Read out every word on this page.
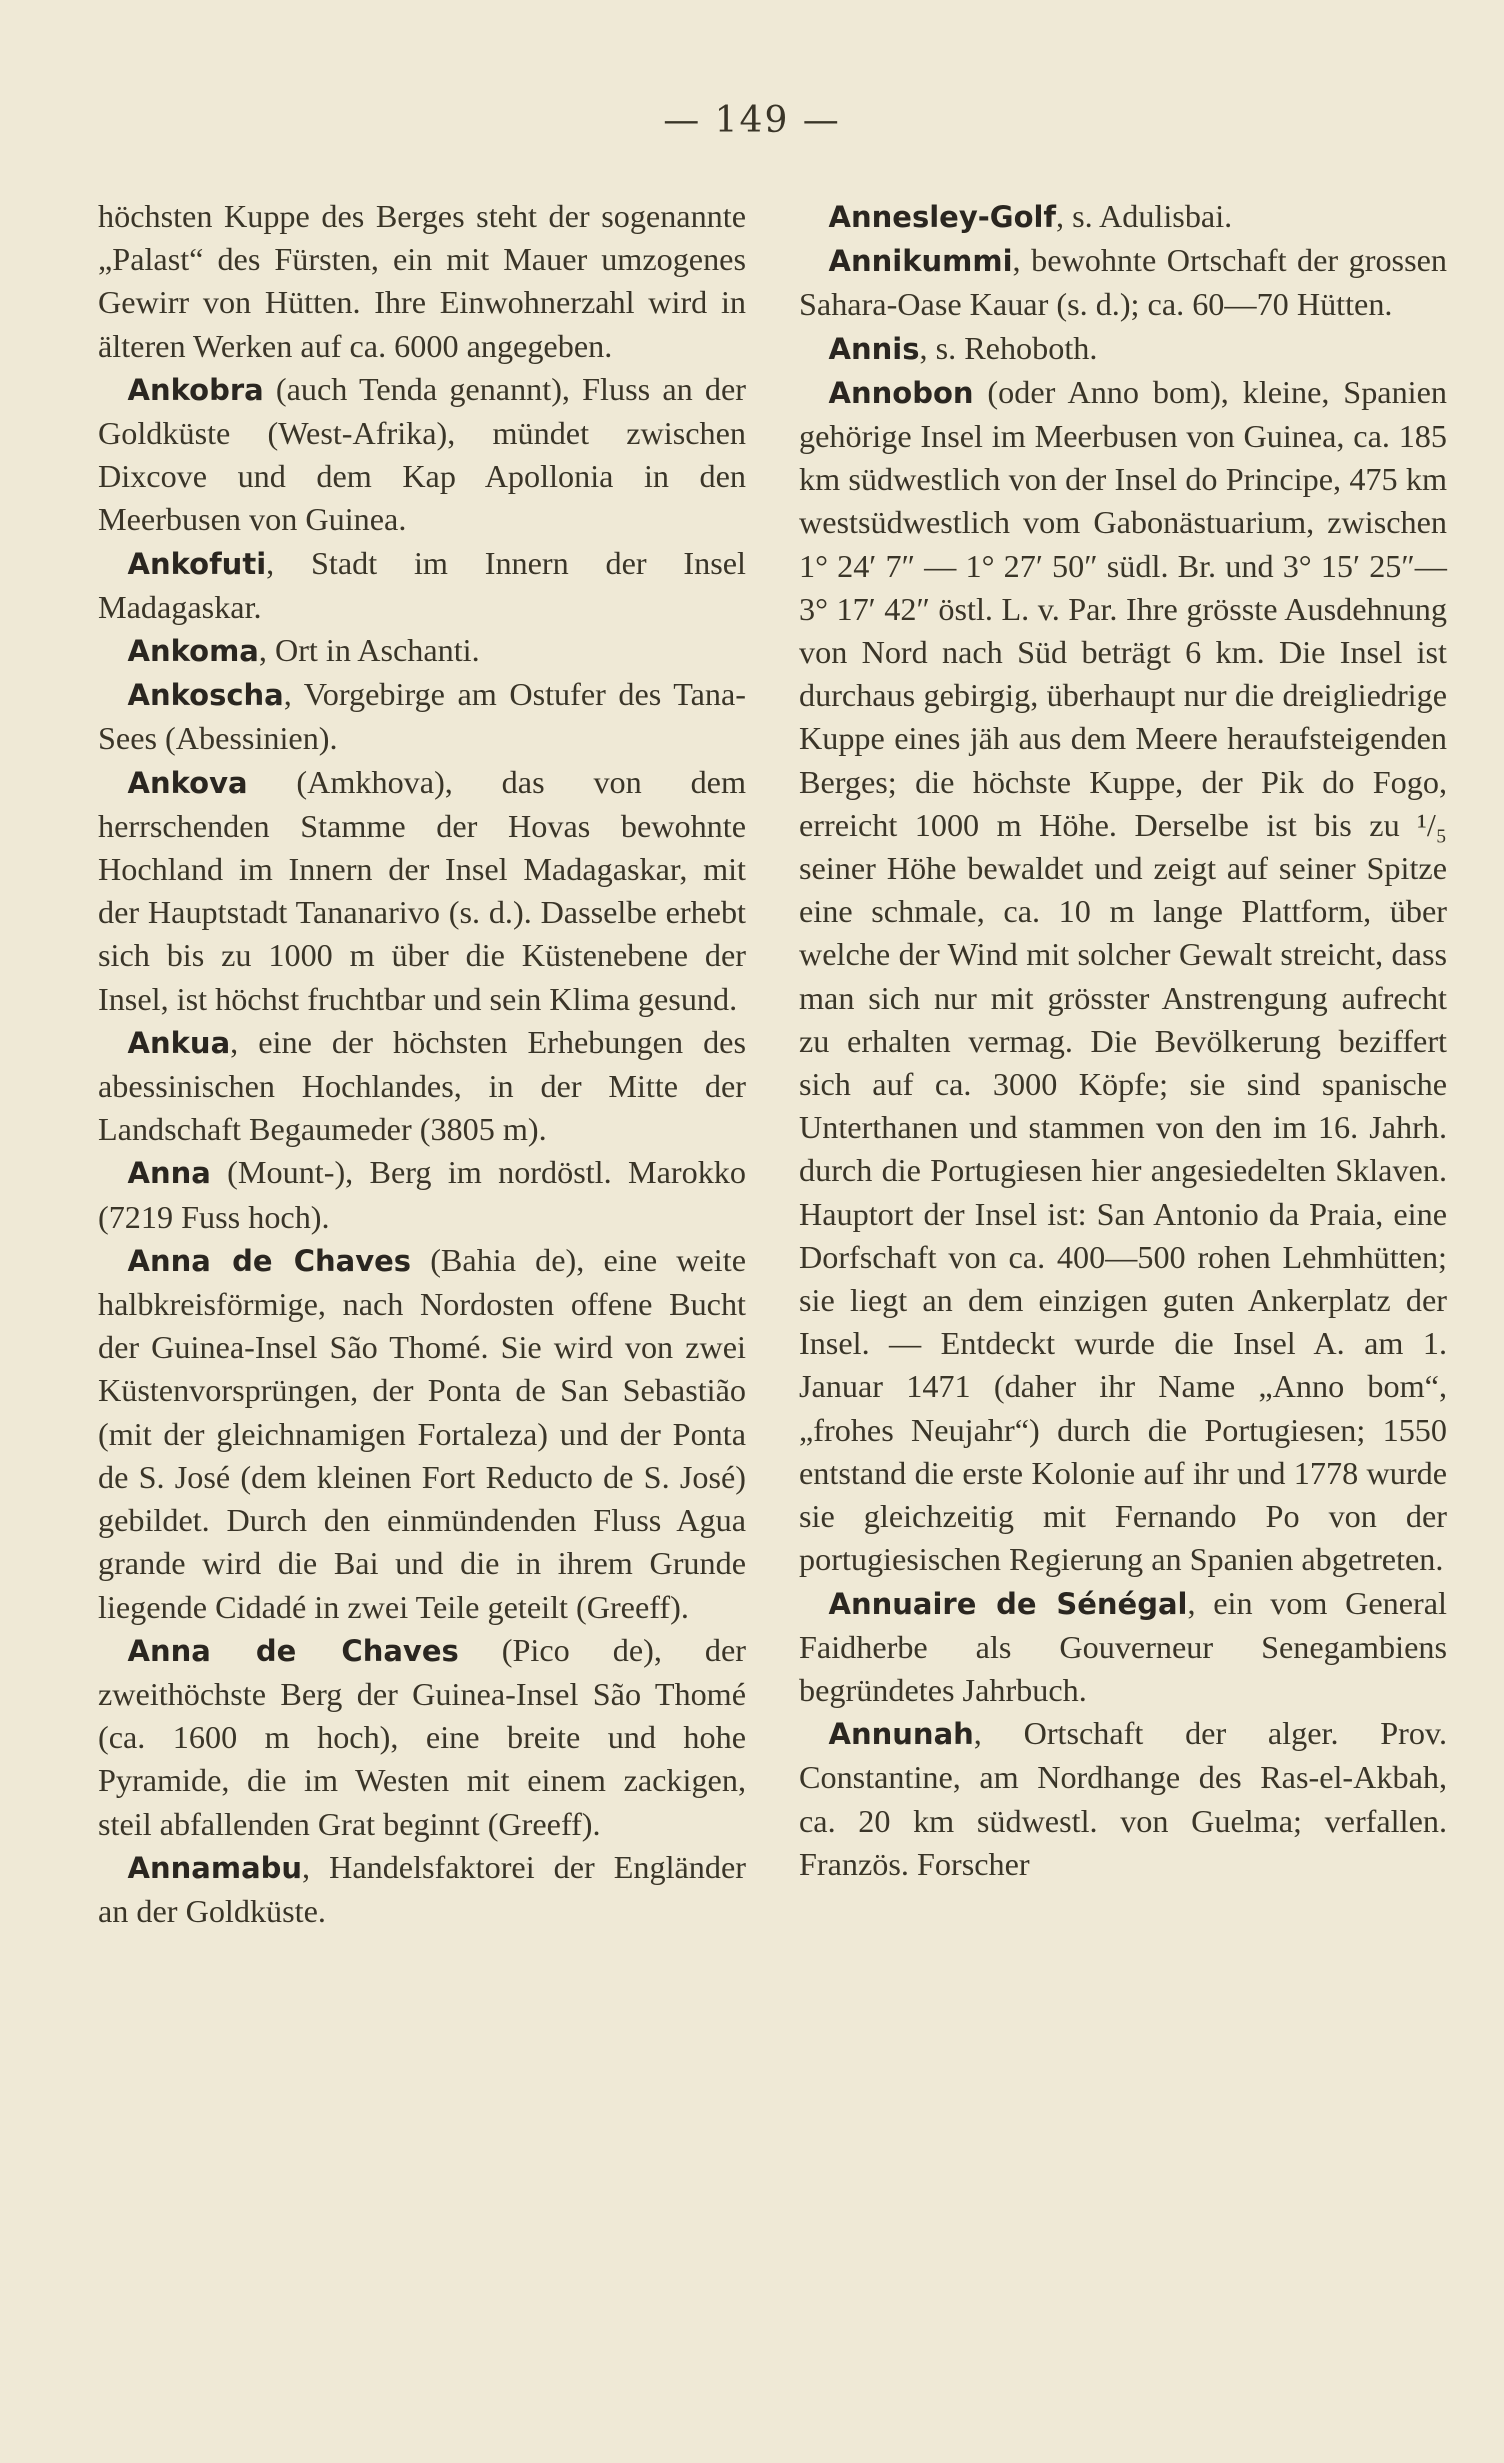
— 149 —

höchsten Kuppe des Berges steht der sogenannte „Palast“ des Fürsten, ein mit Mauer umzogenes Gewirr von Hütten. Ihre Einwohnerzahl wird in älteren Werken auf ca. 6000 angegeben.

Ankobra (auch Tenda genannt), Fluss an der Goldküste (West-Afrika), mündet zwischen Dixcove und dem Kap Apollonia in den Meerbusen von Guinea.

Ankofuti, Stadt im Innern der Insel Madagaskar.

Ankoma, Ort in Aschanti.

Ankoscha, Vorgebirge am Ostufer des Tana-Sees (Abessinien).

Ankova (Amkhova), das von dem herrschenden Stamme der Hovas bewohnte Hochland im Innern der Insel Madagaskar, mit der Hauptstadt Tananarivo (s. d.). Dasselbe erhebt sich bis zu 1000 m über die Küstenebene der Insel, ist höchst fruchtbar und sein Klima gesund.

Ankua, eine der höchsten Erhebungen des abessinischen Hochlandes, in der Mitte der Landschaft Begaumeder (3805 m).

Anna (Mount-), Berg im nordöstl. Marokko (7219 Fuss hoch).

Anna de Chaves (Bahia de), eine weite halbkreisförmige, nach Nordosten offene Bucht der Guinea-Insel São Thomé. Sie wird von zwei Küstenvorsprüngen, der Ponta de San Sebastião (mit der gleichnamigen Fortaleza) und der Ponta de S. José (dem kleinen Fort Reducto de S. José) gebildet. Durch den einmündenden Fluss Agua grande wird die Bai und die in ihrem Grunde liegende Cidadé in zwei Teile geteilt (Greeff).

Anna de Chaves (Pico de), der zweithöchste Berg der Guinea-Insel São Thomé (ca. 1600 m hoch), eine breite und hohe Pyramide, die im Westen mit einem zackigen, steil abfallenden Grat beginnt (Greeff).

Annamabu, Handelsfaktorei der Engländer an der Goldküste.

Annesley-Golf, s. Adulisbai.

Annikummi, bewohnte Ortschaft der grossen Sahara-Oase Kauar (s. d.); ca. 60—70 Hütten.

Annis, s. Rehoboth.

Annobon (oder Anno bom), kleine, Spanien gehörige Insel im Meerbusen von Guinea, ca. 185 km südwestlich von der Insel do Principe, 475 km westsüdwestlich vom Gabonästuarium, zwischen 1° 24′ 7″ — 1° 27′ 50″ südl. Br. und 3° 15′ 25″—3° 17′ 42″ östl. L. v. Par. Ihre grösste Ausdehnung von Nord nach Süd beträgt 6 km. Die Insel ist durchaus gebirgig, überhaupt nur die dreigliedrige Kuppe eines jäh aus dem Meere heraufsteigenden Berges; die höchste Kuppe, der Pik do Fogo, erreicht 1000 m Höhe. Derselbe ist bis zu ¹/₅ seiner Höhe bewaldet und zeigt auf seiner Spitze eine schmale, ca. 10 m lange Plattform, über welche der Wind mit solcher Gewalt streicht, dass man sich nur mit grösster Anstrengung aufrecht zu erhalten vermag. Die Bevölkerung beziffert sich auf ca. 3000 Köpfe; sie sind spanische Unterthanen und stammen von den im 16. Jahrh. durch die Portugiesen hier angesiedelten Sklaven. Hauptort der Insel ist: San Antonio da Praia, eine Dorfschaft von ca. 400—500 rohen Lehmhütten; sie liegt an dem einzigen guten Ankerplatz der Insel. — Entdeckt wurde die Insel A. am 1. Januar 1471 (daher ihr Name „Anno bom“, „frohes Neujahr“) durch die Portugiesen; 1550 entstand die erste Kolonie auf ihr und 1778 wurde sie gleichzeitig mit Fernando Po von der portugiesischen Regierung an Spanien abgetreten.

Annuaire de Sénégal, ein vom General Faidherbe als Gouverneur Senegambiens begründetes Jahrbuch.

Annunah, Ortschaft der alger. Prov. Constantine, am Nordhange des Ras-el-Akbah, ca. 20 km südwestl. von Guelma; verfallen. Französ. Forscher
